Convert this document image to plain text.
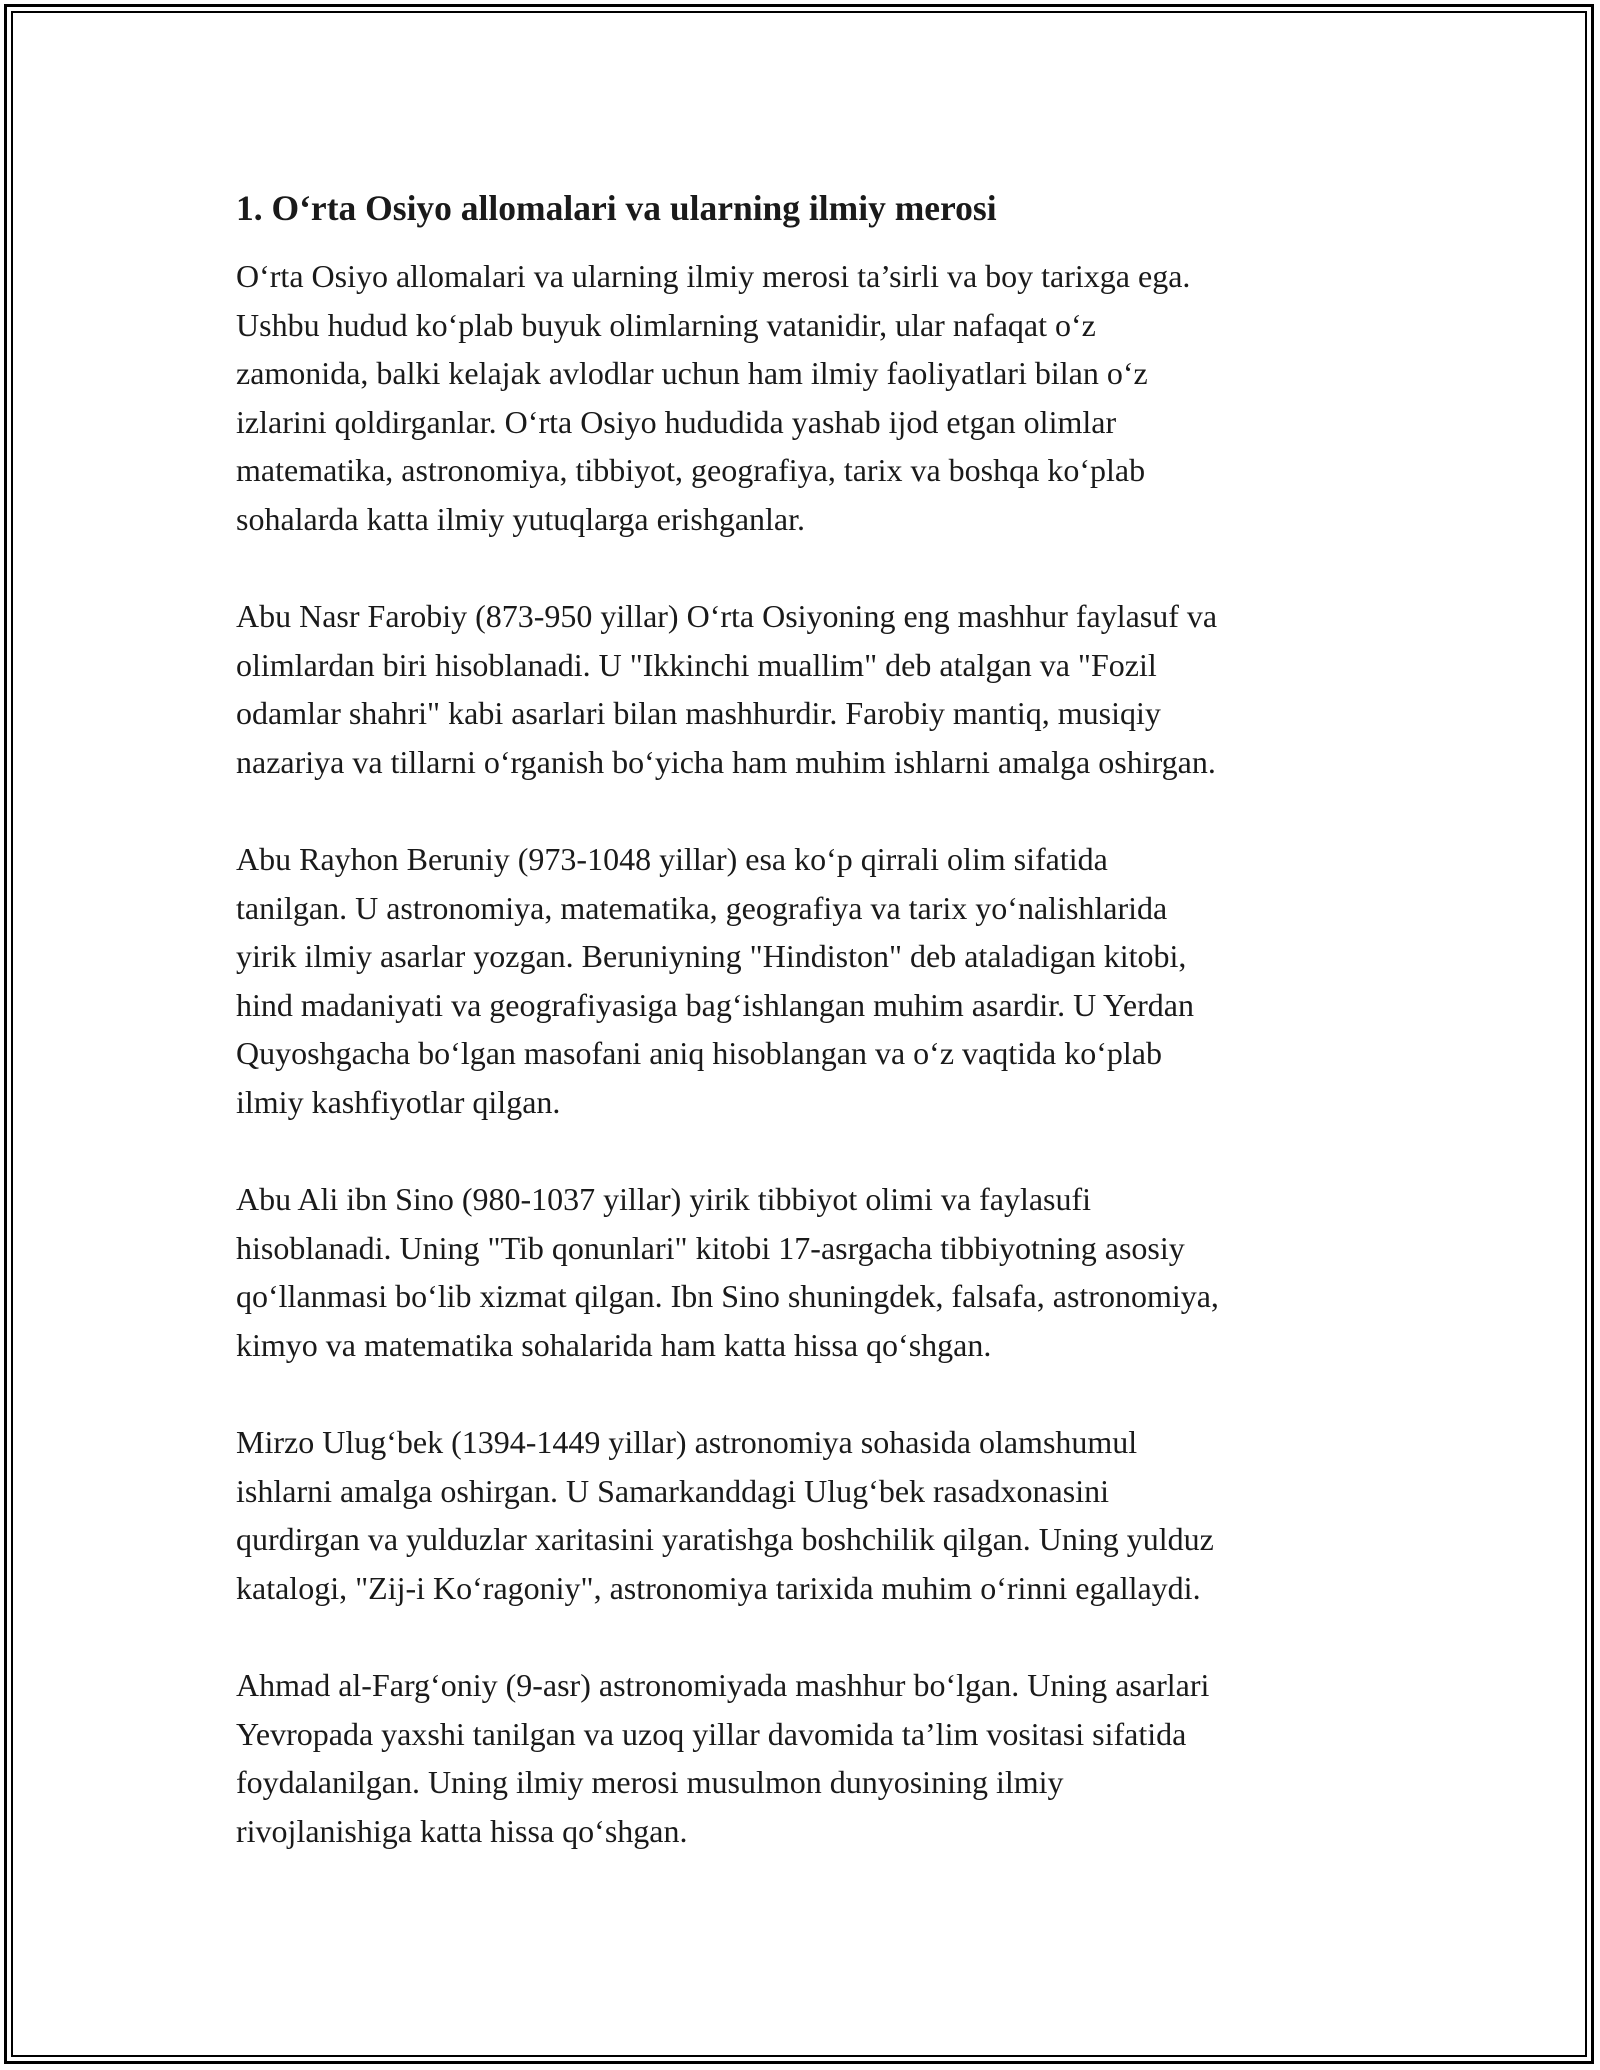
1. O‘rta Osiyo allomalari va ularning ilmiy merosi

O‘rta Osiyo allomalari va ularning ilmiy merosi ta’sirli va boy tarixga ega.
Ushbu hudud ko‘plab buyuk olimlarning vatanidir, ular nafaqat o‘z
zamonida, balki kelajak avlodlar uchun ham ilmiy faoliyatlari bilan o‘z
izlarini qoldirganlar. O‘rta Osiyo hududida yashab ijod etgan olimlar
matematika, astronomiya, tibbiyot, geografiya, tarix va boshqa ko‘plab
sohalarda katta ilmiy yutuqlarga erishganlar.

Abu Nasr Farobiy (873-950 yillar) O‘rta Osiyoning eng mashhur faylasuf va
olimlardan biri hisoblanadi. U "Ikkinchi muallim" deb atalgan va "Fozil
odamlar shahri" kabi asarlari bilan mashhurdir. Farobiy mantiq, musiqiy
nazariya va tillarni o‘rganish bo‘yicha ham muhim ishlarni amalga oshirgan.

Abu Rayhon Beruniy (973-1048 yillar) esa ko‘p qirrali olim sifatida
tanilgan. U astronomiya, matematika, geografiya va tarix yo‘nalishlarida
yirik ilmiy asarlar yozgan. Beruniyning "Hindiston" deb ataladigan kitobi,
hind madaniyati va geografiyasiga bag‘ishlangan muhim asardir. U Yerdan
Quyoshgacha bo‘lgan masofani aniq hisoblangan va o‘z vaqtida ko‘plab
ilmiy kashfiyotlar qilgan.

Abu Ali ibn Sino (980-1037 yillar) yirik tibbiyot olimi va faylasufi
hisoblanadi. Uning "Tib qonunlari" kitobi 17-asrgacha tibbiyotning asosiy
qo‘llanmasi bo‘lib xizmat qilgan. Ibn Sino shuningdek, falsafa, astronomiya,
kimyo va matematika sohalarida ham katta hissa qo‘shgan.

Mirzo Ulug‘bek (1394-1449 yillar) astronomiya sohasida olamshumul
ishlarni amalga oshirgan. U Samarkanddagi Ulug‘bek rasadxonasini
qurdirgan va yulduzlar xaritasini yaratishga boshchilik qilgan. Uning yulduz
katalogi, "Zij-i Ko‘ragoniy", astronomiya tarixida muhim o‘rinni egallaydi.

Ahmad al-Farg‘oniy (9-asr) astronomiyada mashhur bo‘lgan. Uning asarlari
Yevropada yaxshi tanilgan va uzoq yillar davomida ta’lim vositasi sifatida
foydalanilgan. Uning ilmiy merosi musulmon dunyosining ilmiy
rivojlanishiga katta hissa qo‘shgan.
